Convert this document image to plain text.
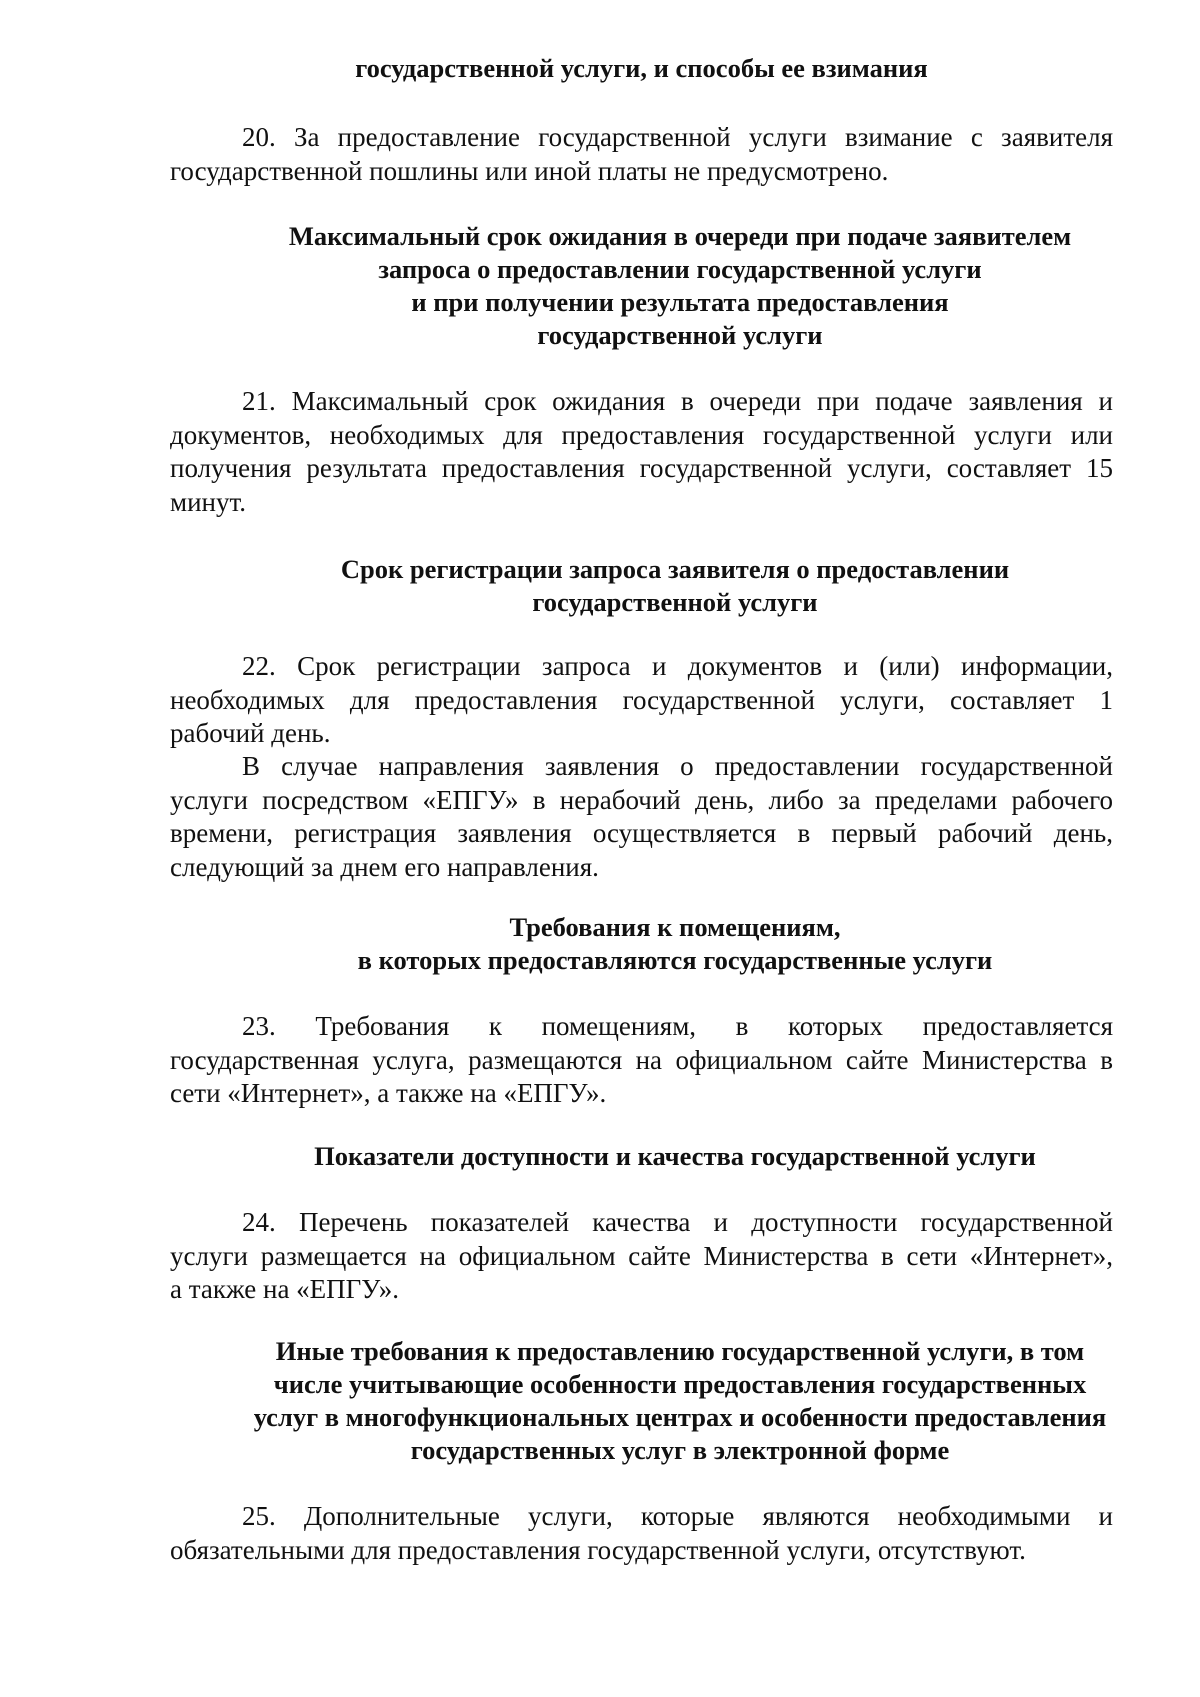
государственной услуги, и способы ее взимания
20. За предоставление государственной услуги взимание с заявителя
государственной пошлины или иной платы не предусмотрено.
Максимальный срок ожидания в очереди при подаче заявителем
запроса о предоставлении государственной услуги
и при получении результата предоставления
государственной услуги
21. Максимальный срок ожидания в очереди при подаче заявления и
документов, необходимых для предоставления государственной услуги или
получения результата предоставления государственной услуги, составляет 15
минут.
Срок регистрации запроса заявителя о предоставлении
государственной услуги
22. Срок регистрации запроса и документов и (или) информации,
необходимых для предоставления государственной услуги, составляет 1
рабочий день.
В случае направления заявления о предоставлении государственной
услуги посредством «ЕПГУ» в нерабочий день, либо за пределами рабочего
времени, регистрация заявления осуществляется в первый рабочий день,
следующий за днем его направления.
Требования к помещениям,
в которых предоставляются государственные услуги
23. Требования к помещениям, в которых предоставляется
государственная услуга, размещаются на официальном сайте Министерства в
сети «Интернет», а также на «ЕПГУ».
Показатели доступности и качества государственной услуги
24. Перечень показателей качества и доступности государственной
услуги размещается на официальном сайте Министерства в сети «Интернет»,
а также на «ЕПГУ».
Иные требования к предоставлению государственной услуги, в том
числе учитывающие особенности предоставления государственных
услуг в многофункциональных центрах и особенности предоставления
государственных услуг в электронной форме
25. Дополнительные услуги, которые являются необходимыми и
обязательными для предоставления государственной услуги, отсутствуют.
